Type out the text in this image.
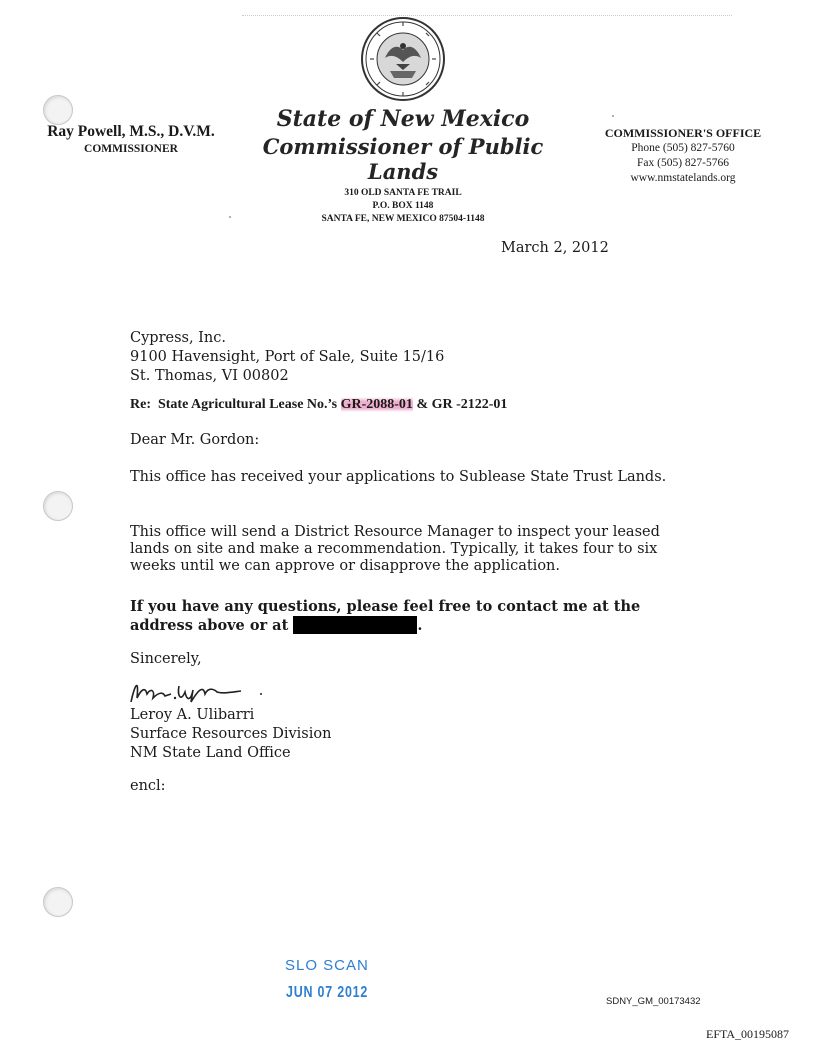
Ray Powell, M.S., D.V.M.
COMMISSIONER
State of New Mexico
Commissioner of Public Lands
310 OLD SANTA FE TRAIL
P.O. BOX 1148
SANTA FE, NEW MEXICO 87504-1148
COMMISSIONER'S OFFICE
Phone (505) 827-5760
Fax (505) 827-5766
www.nmstatelands.org
March 2, 2012
Cypress, Inc.
9100 Havensight, Port of Sale, Suite 15/16
St. Thomas, VI 00802
Re:  State Agricultural Lease No.’s GR-2088-01 & GR -2122-01
Dear Mr. Gordon:
This office has received your applications to Sublease State Trust Lands.
This office will send a District Resource Manager to inspect your leased lands on site and make a recommendation. Typically, it takes four to six weeks until we can approve or disapprove the application.
If you have any questions, please feel free to contact me at the address above or at	.
Sincerely,
Leroy A. Ulibarri
Surface Resources Division
NM State Land Office
encl:
SLO SCAN
JUN 07 2012
SDNY_GM_00173432
EFTA_00195087
